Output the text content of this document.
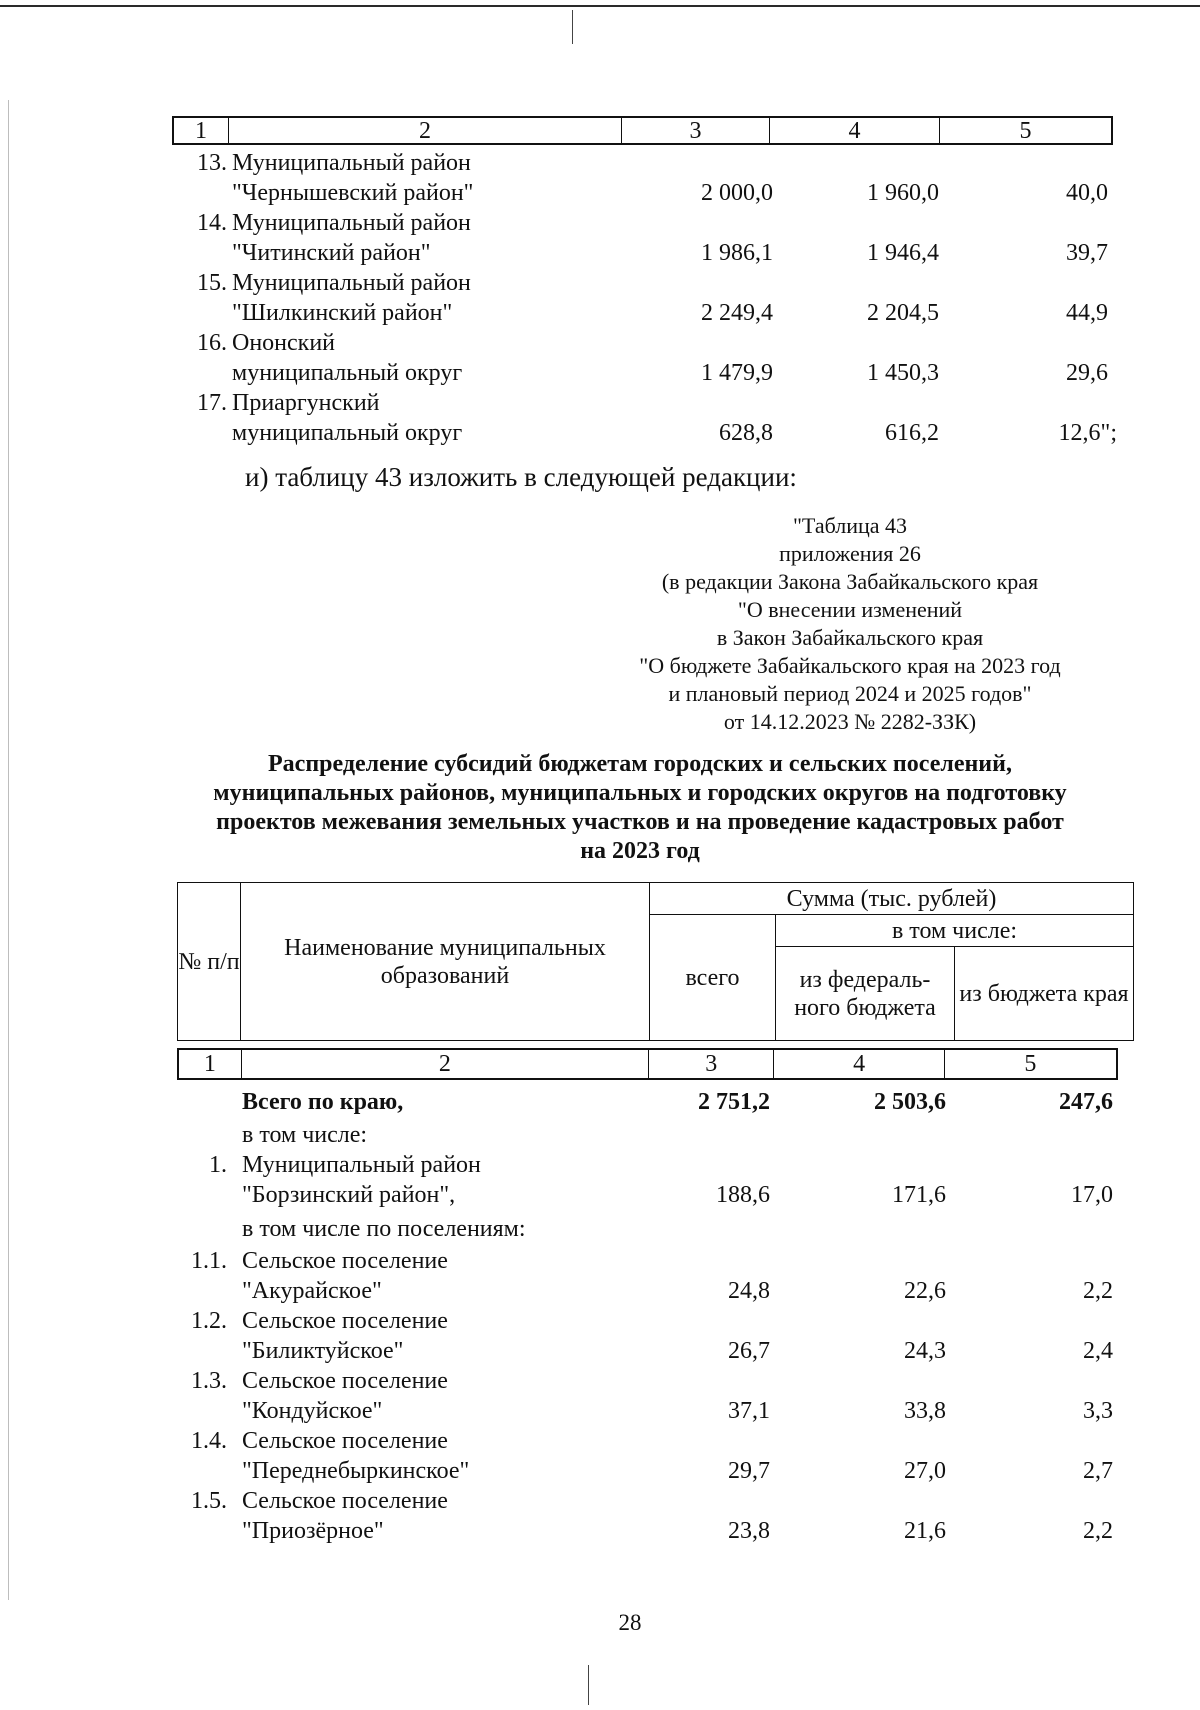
1	2	3	4	5
13. Муниципальный район
"Чернышевский район"	2 000,0	1 960,0	40,0
14. Муниципальный район
"Читинский район"	1 986,1	1 946,4	39,7
15. Муниципальный район
"Шилкинский район"	2 249,4	2 204,5	44,9
16. Ононский
муниципальный округ	1 479,9	1 450,3	29,6
17. Приаргунский
муниципальный округ	628,8	616,2	12,6";
и) таблицу 43 изложить в следующей редакции:
"Таблица 43
приложения 26
(в редакции Закона Забайкальского края
"О внесении изменений
в Закон Забайкальского края
"О бюджете Забайкальского края на 2023 год
и плановый период 2024 и 2025 годов"
от 14.12.2023 № 2282-ЗЗК)
Распределение субсидий бюджетам городских и сельских поселений,
муниципальных районов, муниципальных и городских округов на подготовку
проектов межевания земельных участков и на проведение кадастровых работ
на 2023 год
№ п/п	Наименование муниципальных образований	Сумма (тыс. рублей)		
		всего	в том числе:	
			из федераль-ного бюджета	из бюджета края
1	2	3	4	5
Всего по краю,	2 751,2	2 503,6	247,6
в том числе:
1. Муниципальный район
"Борзинский район",	188,6	171,6	17,0
в том числе по поселениям:
1.1. Сельское поселение
"Акурайское"	24,8	22,6	2,2
1.2. Сельское поселение
"Биликтуйское"	26,7	24,3	2,4
1.3. Сельское поселение
"Кондуйское"	37,1	33,8	3,3
1.4. Сельское поселение
"Переднебыркинское"	29,7	27,0	2,7
1.5. Сельское поселение
"Приозёрное"	23,8	21,6	2,2
28
